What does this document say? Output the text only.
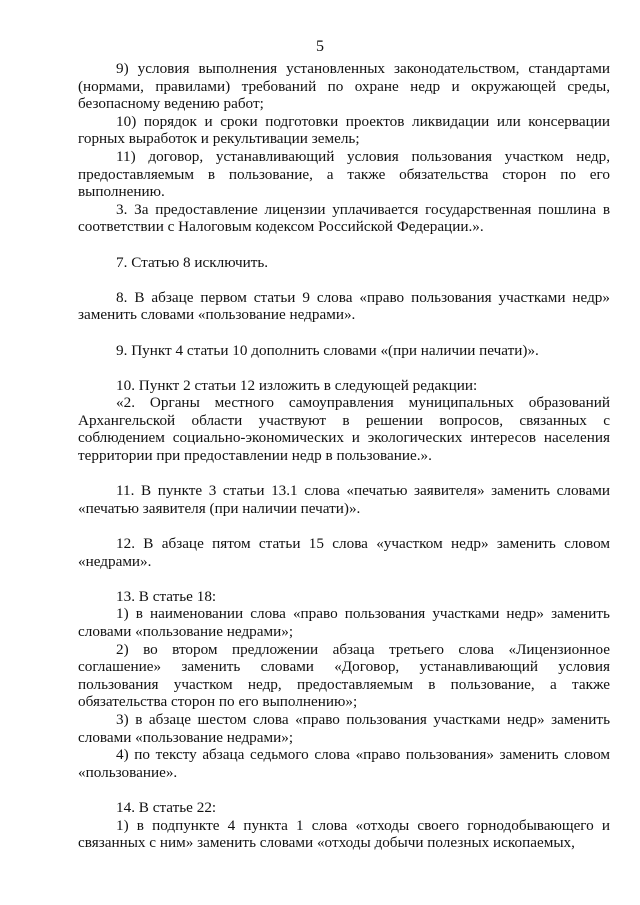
5

9) условия выполнения установленных законодательством, стандартами (нормами, правилами) требований по охране недр и окружающей среды, безопасному ведению работ;

10) порядок и сроки подготовки проектов ликвидации или консервации горных выработок и рекультивации земель;

11) договор, устанавливающий условия пользования участком недр, предоставляемым в пользование, а также обязательства сторон по его выполнению.

3. За предоставление лицензии уплачивается государственная пошлина в соответствии с Налоговым кодексом Российской Федерации.».

7. Статью 8 исключить.

8. В абзаце первом статьи 9 слова «право пользования участками недр» заменить словами «пользование недрами».

9. Пункт 4 статьи 10 дополнить словами «(при наличии печати)».

10. Пункт 2 статьи 12 изложить в следующей редакции:

«2. Органы местного самоуправления муниципальных образований Архангельской области участвуют в решении вопросов, связанных с соблюдением социально-экономических и экологических интересов населения территории при предоставлении недр в пользование.».

11. В пункте 3 статьи 13.1 слова «печатью заявителя» заменить словами «печатью заявителя (при наличии печати)».

12. В абзаце пятом статьи 15 слова «участком недр» заменить словом «недрами».

13. В статье 18:

1) в наименовании слова «право пользования участками недр» заменить словами «пользование недрами»;

2) во втором предложении абзаца третьего слова «Лицензионное соглашение» заменить словами «Договор, устанавливающий условия пользования участком недр, предоставляемым в пользование, а также обязательства сторон по его выполнению»;

3) в абзаце шестом слова «право пользования участками недр» заменить словами «пользование недрами»;

4) по тексту абзаца седьмого слова «право пользования» заменить словом «пользование».

14. В статье 22:

1) в подпункте 4 пункта 1 слова «отходы своего горнодобывающего и связанных с ним» заменить словами «отходы добычи полезных ископаемых,
